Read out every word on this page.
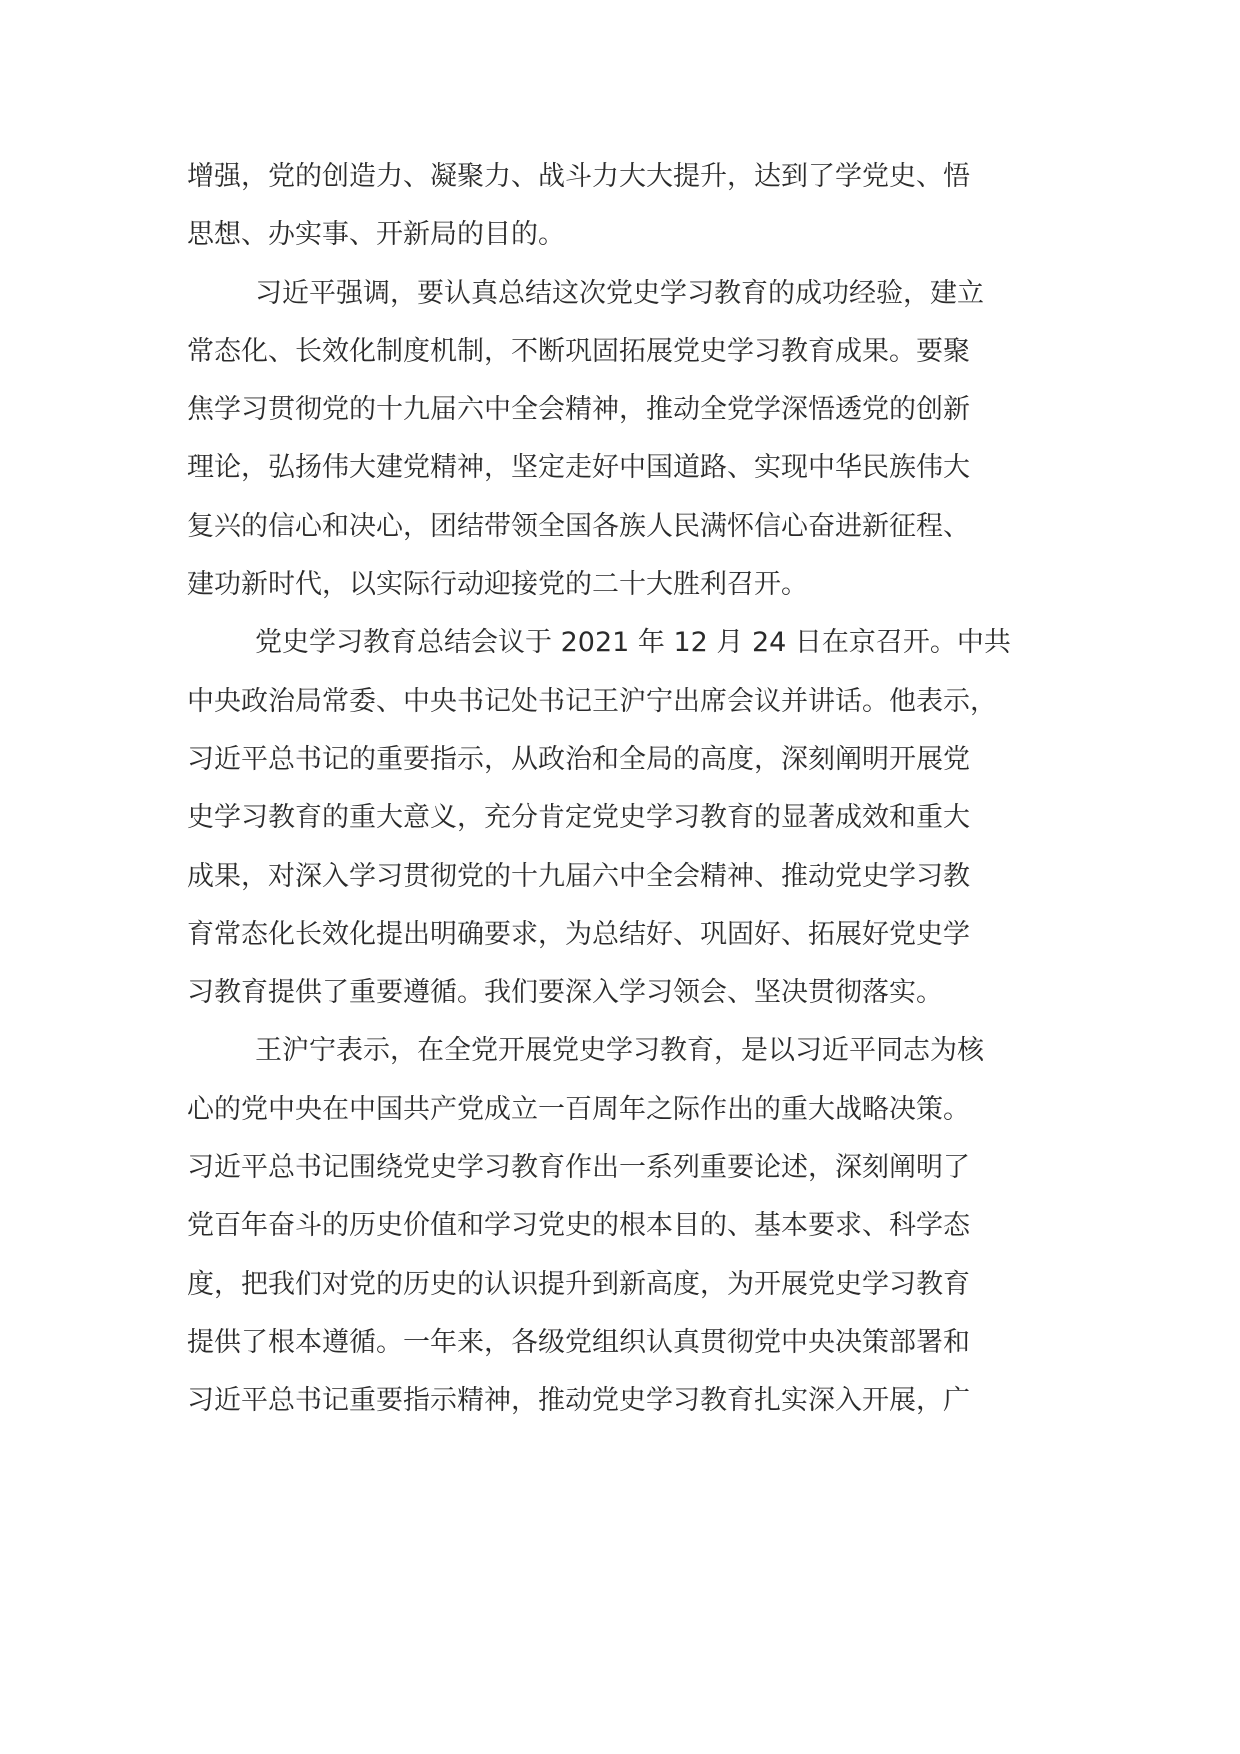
增强，党的创造力、凝聚力、战斗力大大提升，达到了学党史、悟
思想、办实事、开新局的目的。
习近平强调，要认真总结这次党史学习教育的成功经验，建立
常态化、长效化制度机制，不断巩固拓展党史学习教育成果。要聚
焦学习贯彻党的十九届六中全会精神，推动全党学深悟透党的创新
理论，弘扬伟大建党精神，坚定走好中国道路、实现中华民族伟大
复兴的信心和决心，团结带领全国各族人民满怀信心奋进新征程、
建功新时代，以实际行动迎接党的二十大胜利召开。
党史学习教育总结会议于 2021 年 12 月 24 日在京召开。中共
中央政治局常委、中央书记处书记王沪宁出席会议并讲话。他表示，
习近平总书记的重要指示，从政治和全局的高度，深刻阐明开展党
史学习教育的重大意义，充分肯定党史学习教育的显著成效和重大
成果，对深入学习贯彻党的十九届六中全会精神、推动党史学习教
育常态化长效化提出明确要求，为总结好、巩固好、拓展好党史学
习教育提供了重要遵循。我们要深入学习领会、坚决贯彻落实。
王沪宁表示，在全党开展党史学习教育，是以习近平同志为核
心的党中央在中国共产党成立一百周年之际作出的重大战略决策。
习近平总书记围绕党史学习教育作出一系列重要论述，深刻阐明了
党百年奋斗的历史价值和学习党史的根本目的、基本要求、科学态
度，把我们对党的历史的认识提升到新高度，为开展党史学习教育
提供了根本遵循。一年来，各级党组织认真贯彻党中央决策部署和
习近平总书记重要指示精神，推动党史学习教育扎实深入开展，广
